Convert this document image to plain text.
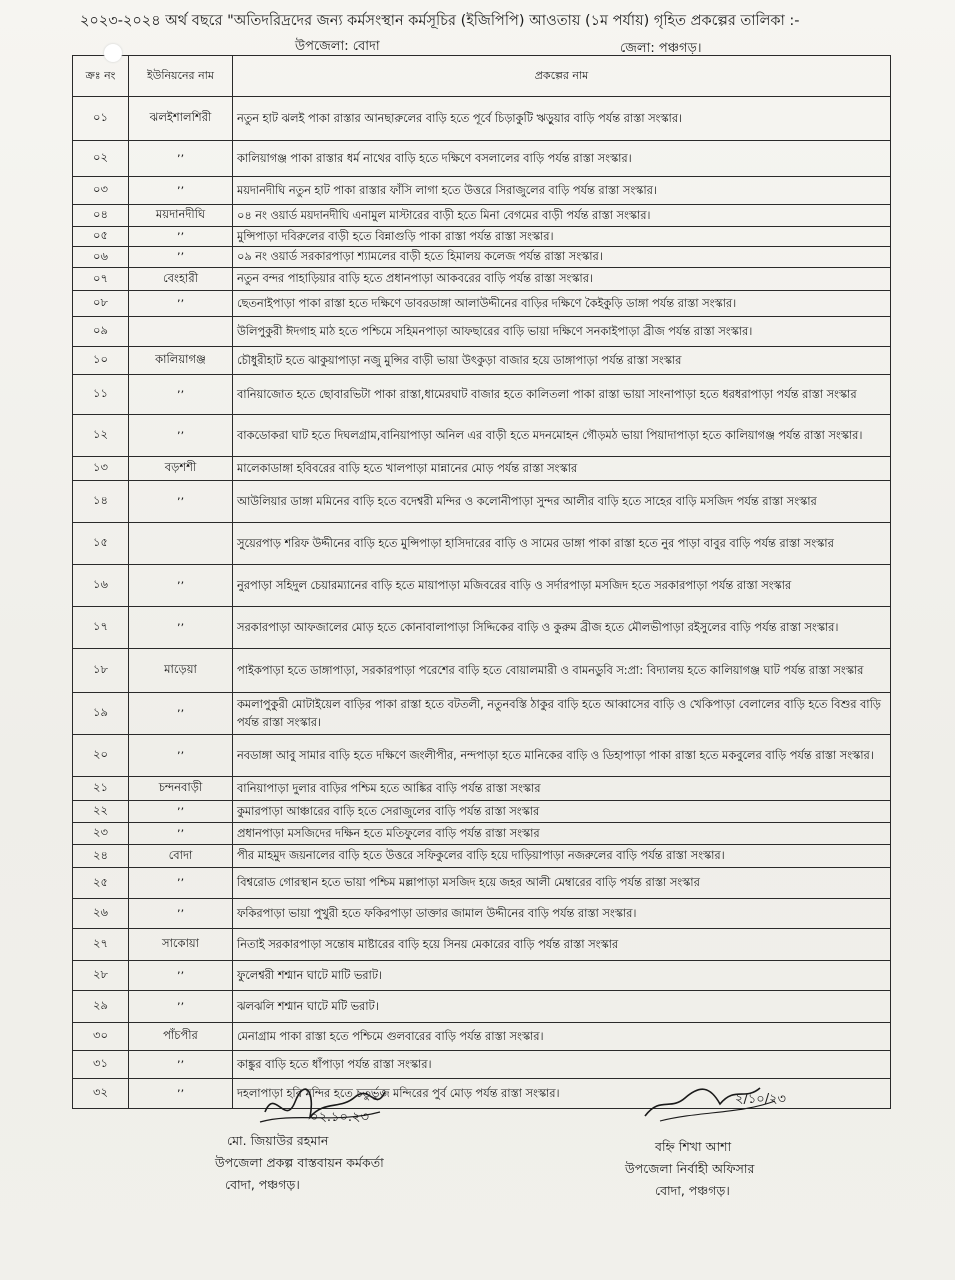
২০২৩-২০২৪ অর্থ বছরে "অতিদরিদ্রদের জন্য কর্মসংস্থান কর্মসূচির (ইজিপিপি) আওতায় (১ম পর্যায়) গৃহিত প্রকল্পের তালিকা :-
উপজেলা: বোদা	জেলা: পঞ্চগড়।
ক্রঃ নং	ইউনিয়নের নাম	প্রকল্পের নাম
০১	ঝলইশালশিরী	নতুন হাট ঝলই পাকা রাস্তার আনছারুলের বাড়ি হতে পূর্বে চিড়াকুটি ঋড়ুয়ার বাড়ি পর্যন্ত রাস্তা সংস্কার।
০২	’’	কালিয়াগঞ্জ পাকা রাস্তার ধর্ম নাথের বাড়ি হতে দক্ষিণে বসলালের বাড়ি পর্যন্ত রাস্তা সংস্কার।
০৩	’’	ময়দানদীঘি নতুন হাট পাকা রাস্তার ফাঁসি লাগা হতে উত্তরে সিরাজুলের বাড়ি পর্যন্ত রাস্তা সংস্কার।
০৪	ময়দানদীঘি	০৪ নং ওয়ার্ড ময়দানদীঘি এনামুল মাস্টারের বাড়ী হতে মিনা বেগমের বাড়ী পর্যন্ত রাস্তা সংস্কার।
০৫	’’	মুন্সিপাড়া দবিরুলের বাড়ী হতে বিন্নাগুড়ি পাকা রাস্তা পর্যন্ত রাস্তা সংস্কার।
০৬	’’	০৯ নং ওয়ার্ড সরকারপাড়া শ্যামলের বাড়ী হতে হিমালয় কলেজ পর্যন্ত রাস্তা সংস্কার।
০৭	বেংহারী	নতুন বন্দর পাহাড়িয়ার বাড়ি হতে প্রধানপাড়া আকবরের বাড়ি পর্যন্ত রাস্তা সংস্কার।
০৮	’’	ছেতনাইপাড়া পাকা রাস্তা হতে দক্ষিণে ডাবরডাঙ্গা আলাউদ্দীনের বাড়ির দক্ষিণে কৈইকুড়ি ডাঙ্গা পর্যন্ত রাস্তা সংস্কার।
০৯		উলিপুকুরী ঈদগাহ মাঠ হতে পশ্চিমে সহিমনপাড়া আফছারের বাড়ি ভায়া দক্ষিণে সনকাইপাড়া ব্রীজ পর্যন্ত রাস্তা সংস্কার।
১০	কালিয়াগঞ্জ	চৌধুরীহাট হতে ঝাকুয়াপাড়া নজু মুন্সির বাড়ী ভায়া উৎকুড়া বাজার হয়ে ডাঙ্গাপাড়া পর্যন্ত রাস্তা সংস্কার
১১	’’	বানিয়াজোত হতে ছোবারভিটা পাকা রাস্তা,ধামেরঘাট বাজার হতে কালিতলা পাকা রাস্তা ভায়া সাংনাপাড়া হতে ধরধরাপাড়া পর্যন্ত রাস্তা সংস্কার
১২	’’	বাকডোকরা ঘাট হতে দিঘলগ্রাম,বানিয়াপাড়া অনিল এর বাড়ী হতে মদনমোহন গৌড়মঠ ভায়া পিয়াদাপাড়া হতে কালিয়াগঞ্জ পর্যন্ত রাস্তা সংস্কার।
১৩	বড়শশী	মালেকাডাঙ্গা হবিবরের বাড়ি হতে খালপাড়া মান্নানের মোড় পর্যন্ত রাস্তা সংস্কার
১৪	’’	আউলিয়ার ডাঙ্গা মমিনের বাড়ি হতে বদেশ্বরী মন্দির ও কলোনীপাড়া সুন্দর আলীর বাড়ি হতে সাহের বাড়ি মসজিদ পর্যন্ত রাস্তা সংস্কার
১৫		সুয়েরপাড় শরিফ উদ্দীনের বাড়ি হতে মুন্সিপাড়া হাসিদারের বাড়ি ও সামের ডাঙ্গা পাকা রাস্তা হতে নুর পাড়া বাবুর বাড়ি পর্যন্ত রাস্তা সংস্কার
১৬	’’	নুরপাড়া সহিদুল চেয়ারম্যানের বাড়ি হতে মায়াপাড়া মজিবরের বাড়ি ও সর্দারপাড়া মসজিদ হতে সরকারপাড়া পর্যন্ত রাস্তা সংস্কার
১৭	’’	সরকারপাড়া আফজালের মোড় হতে কোনাবালাপাড়া সিদ্দিকের বাড়ি ও কুরুম ব্রীজ হতে মৌলভীপাড়া রইসুলের বাড়ি পর্যন্ত রাস্তা সংস্কার।
১৮	মাড়েয়া	পাইকপাড়া হতে ডাঙ্গাপাড়া, সরকারপাড়া পরেশের বাড়ি হতে বোয়ালমারী ও বামনডুবি স:প্রা: বিদ্যালয় হতে কালিয়াগঞ্জ ঘাট পর্যন্ত রাস্তা সংস্কার
১৯	’’	কমলাপুকুরী মোটাইয়েল বাড়ির পাকা রাস্তা হতে বটতলী, নতুনবস্তি ঠাকুর বাড়ি হতে আব্বাসের বাড়ি ও খেকিপাড়া বেলালের বাড়ি হতে বিশুর বাড়ি পর্যন্ত রাস্তা সংস্কার।
২০	’’	নবডাঙ্গা আবু সামার বাড়ি হতে দক্ষিণে জংলীপীর, নন্দপাড়া হতে মানিকের বাড়ি ও ডিহাপাড়া পাকা রাস্তা হতে মকবুলের বাড়ি পর্যন্ত রাস্তা সংস্কার।
২১	চন্দনবাড়ী	বানিয়াপাড়া দুলার বাড়ির পশ্চিম হতে আঙ্কির বাড়ি পর্যন্ত রাস্তা সংস্কার
২২	’’	কুমারপাড়া আঞ্চারের বাড়ি হতে সেরাজুলের বাড়ি পর্যন্ত রাস্তা সংস্কার
২৩	’’	প্রধানপাড়া মসজিদের দক্ষিন হতে মতিফুলের বাড়ি পর্যন্ত রাস্তা সংস্কার
২৪	বোদা	পীর মাহমুদ জয়নালের বাড়ি হতে উত্তরে সফিকুলের বাড়ি হয়ে দাড়িয়াপাড়া নজরুলের বাড়ি পর্যন্ত রাস্তা সংস্কার।
২৫	’’	বিশ্বরোড গোরস্থান হতে ভায়া পশ্চিম মল্লাপাড়া মসজিদ হয়ে জহর আলী মেম্বারের বাড়ি পর্যন্ত রাস্তা সংস্কার
২৬	’’	ফকিরপাড়া ভায়া পুখুরী হতে ফকিরপাড়া ডাক্তার জামাল উদ্দীনের বাড়ি পর্যন্ত রাস্তা সংস্কার।
২৭	সাকোয়া	নিতাই সরকারপাড়া সন্তোষ মাষ্টারের বাড়ি হয়ে সিনয় মেকারের বাড়ি পর্যন্ত রাস্তা সংস্কার
২৮	’’	ফুলেশ্বরী শশ্মান ঘাটে মাটি ভরাট।
২৯	’’	ঝলঝলি শশ্মান ঘাটে মটি ভরাট।
৩০	পাঁচপীর	মেনাগ্রাম পাকা রাস্তা হতে পশ্চিমে গুলবারের বাড়ি পর্যন্ত রাস্তা সংস্কার।
৩১	’’	কাঙ্কুর বাড়ি হতে ধাঁপাড়া পর্যন্ত রাস্তা সংস্কার।
৩২	’’	দহলাপাড়া হরি মন্দির হতে চতুর্ভুজ মন্দিরের পুর্ব মোড় পর্যন্ত রাস্তা সংস্কার।
০২.১০.২৩
২/১০/২৩
মো. জিয়াউর রহমান
উপজেলা প্রকল্প বাস্তবায়ন কর্মকর্তা
বোদা, পঞ্চগড়।
বহ্নি শিখা আশা
উপজেলা নির্বাহী অফিসার
বোদা, পঞ্চগড়।
